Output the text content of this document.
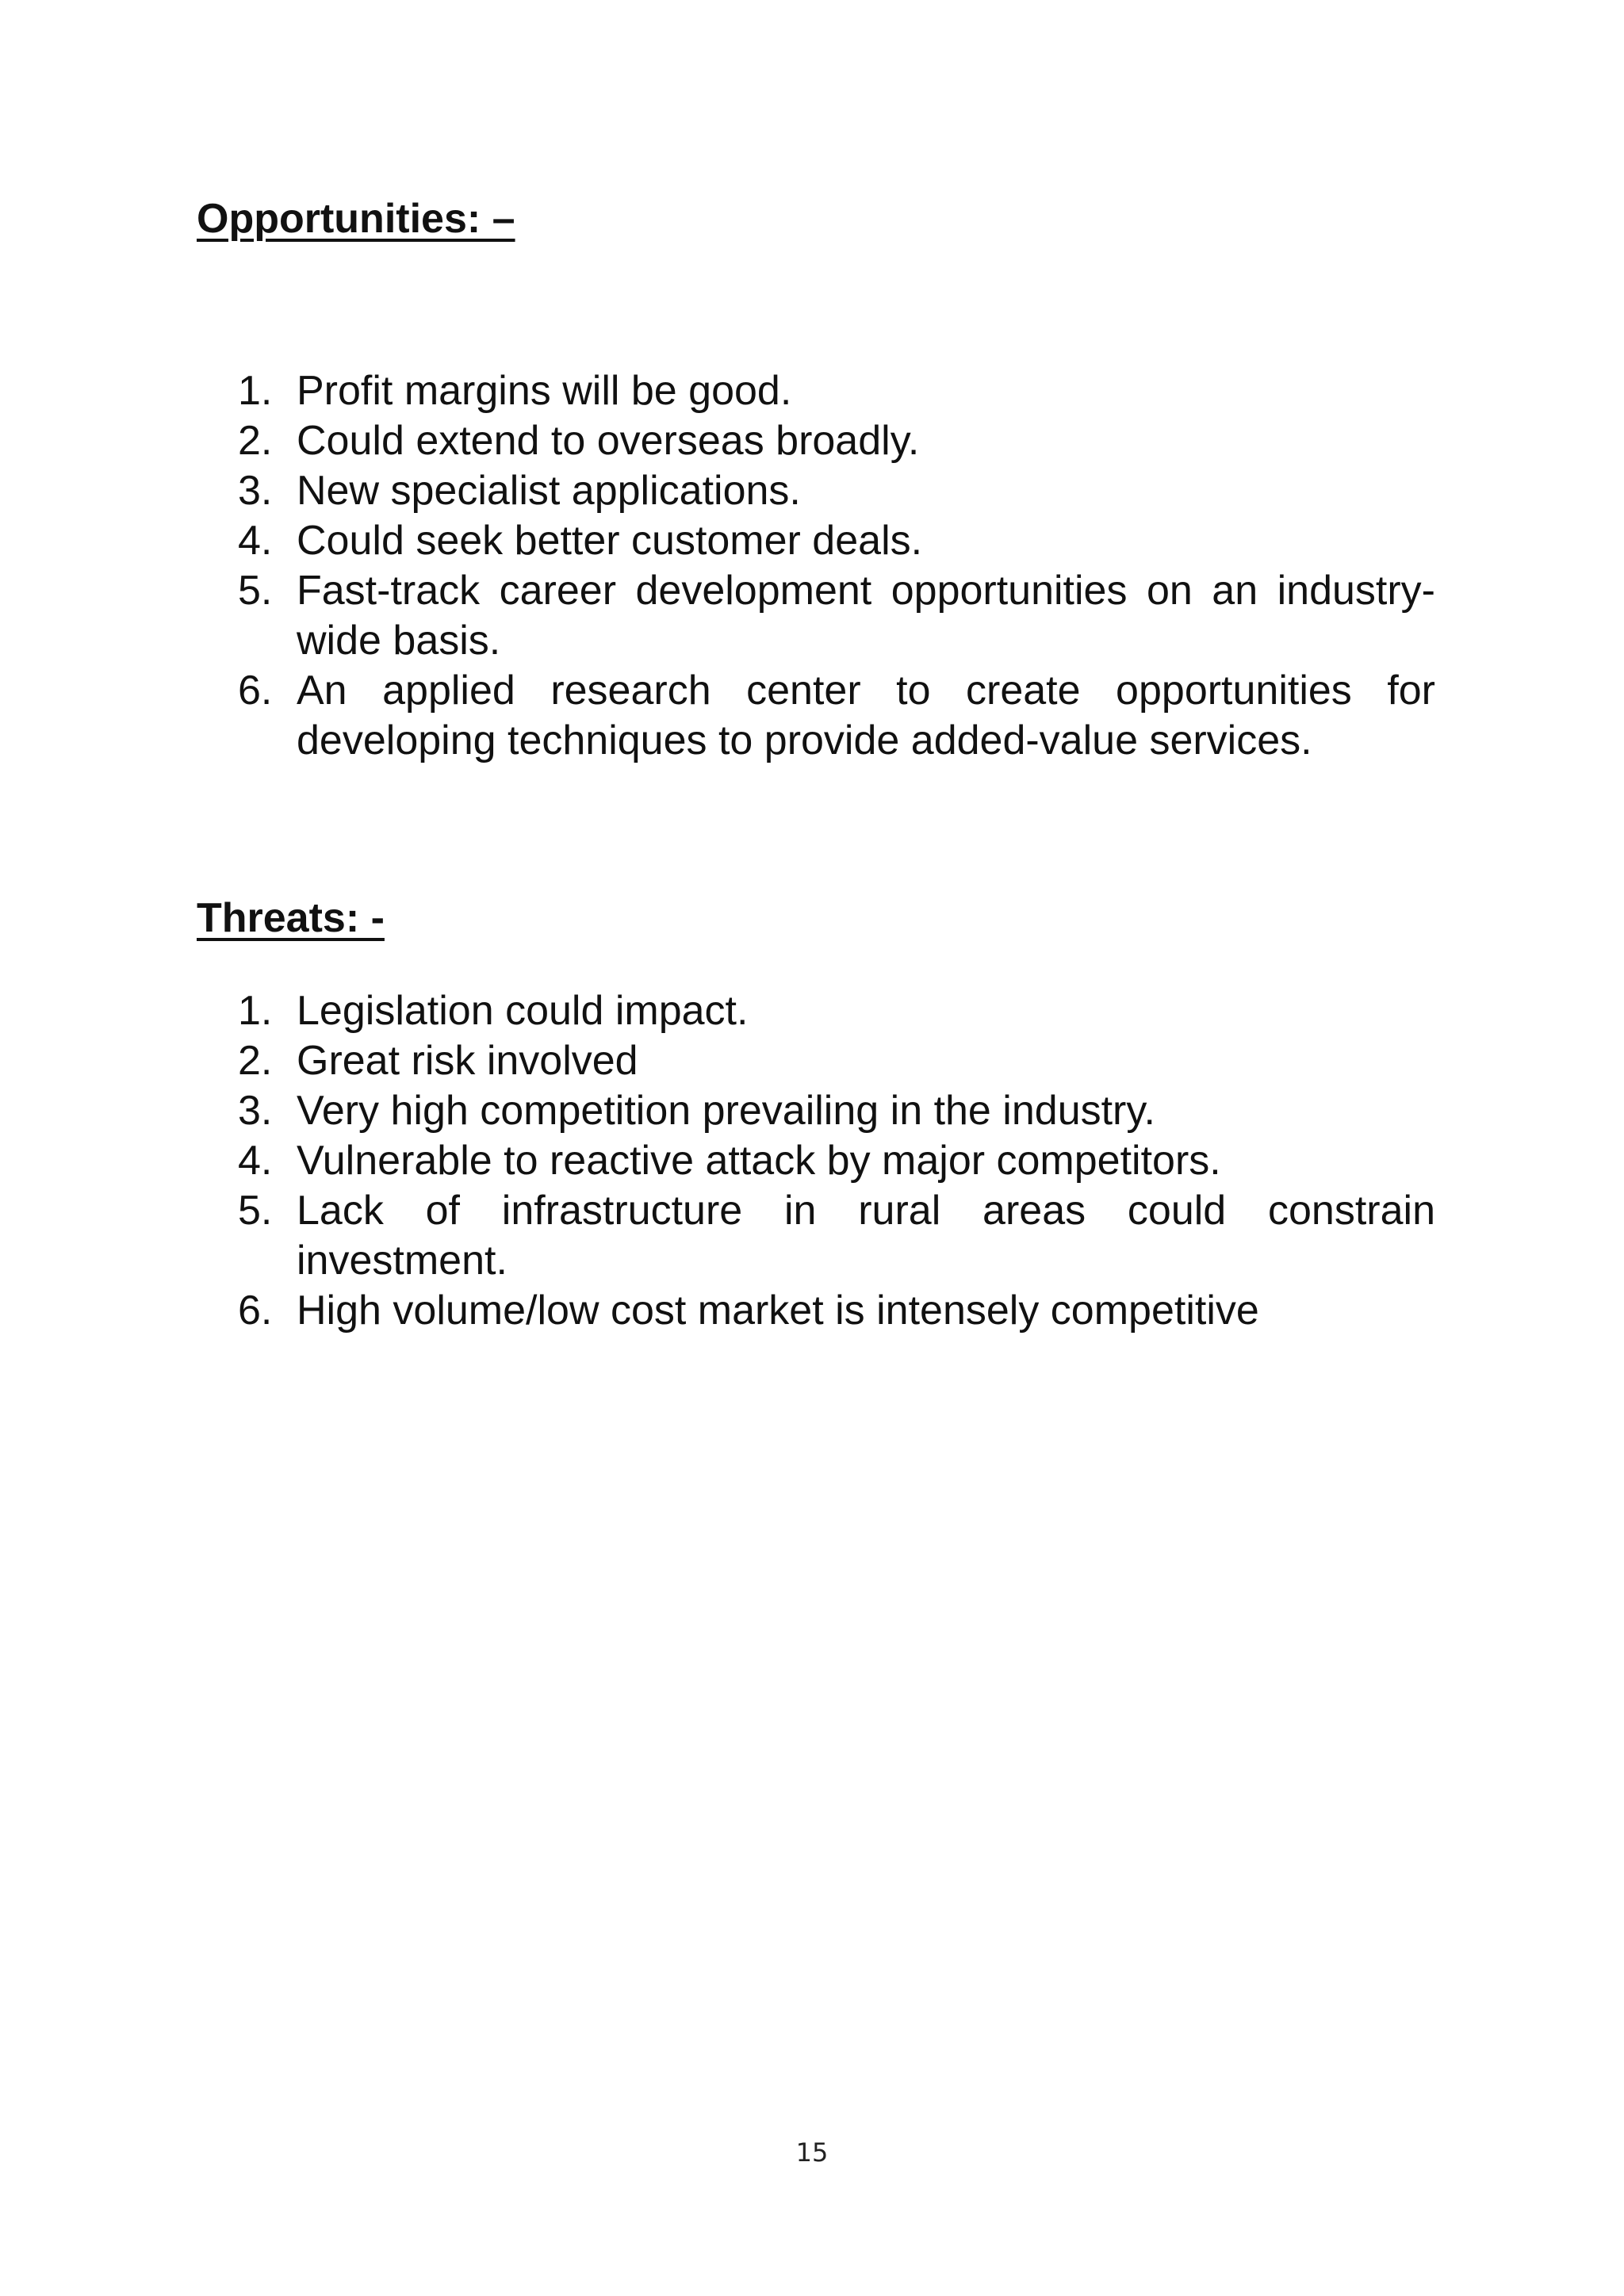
Opportunities: –
1. Profit margins will be good.
2. Could extend to overseas broadly.
3. New specialist applications.
4. Could seek better customer deals.
5. Fast-track career development opportunities on an industry-wide basis.
6. An applied research center to create opportunities for developing techniques to provide added-value services.
Threats: -
1. Legislation could impact.
2. Great risk involved
3. Very high competition prevailing in the industry.
4. Vulnerable to reactive attack by major competitors.
5. Lack of infrastructure in rural areas could constrain investment.
6. High volume/low cost market is intensely competitive
15
